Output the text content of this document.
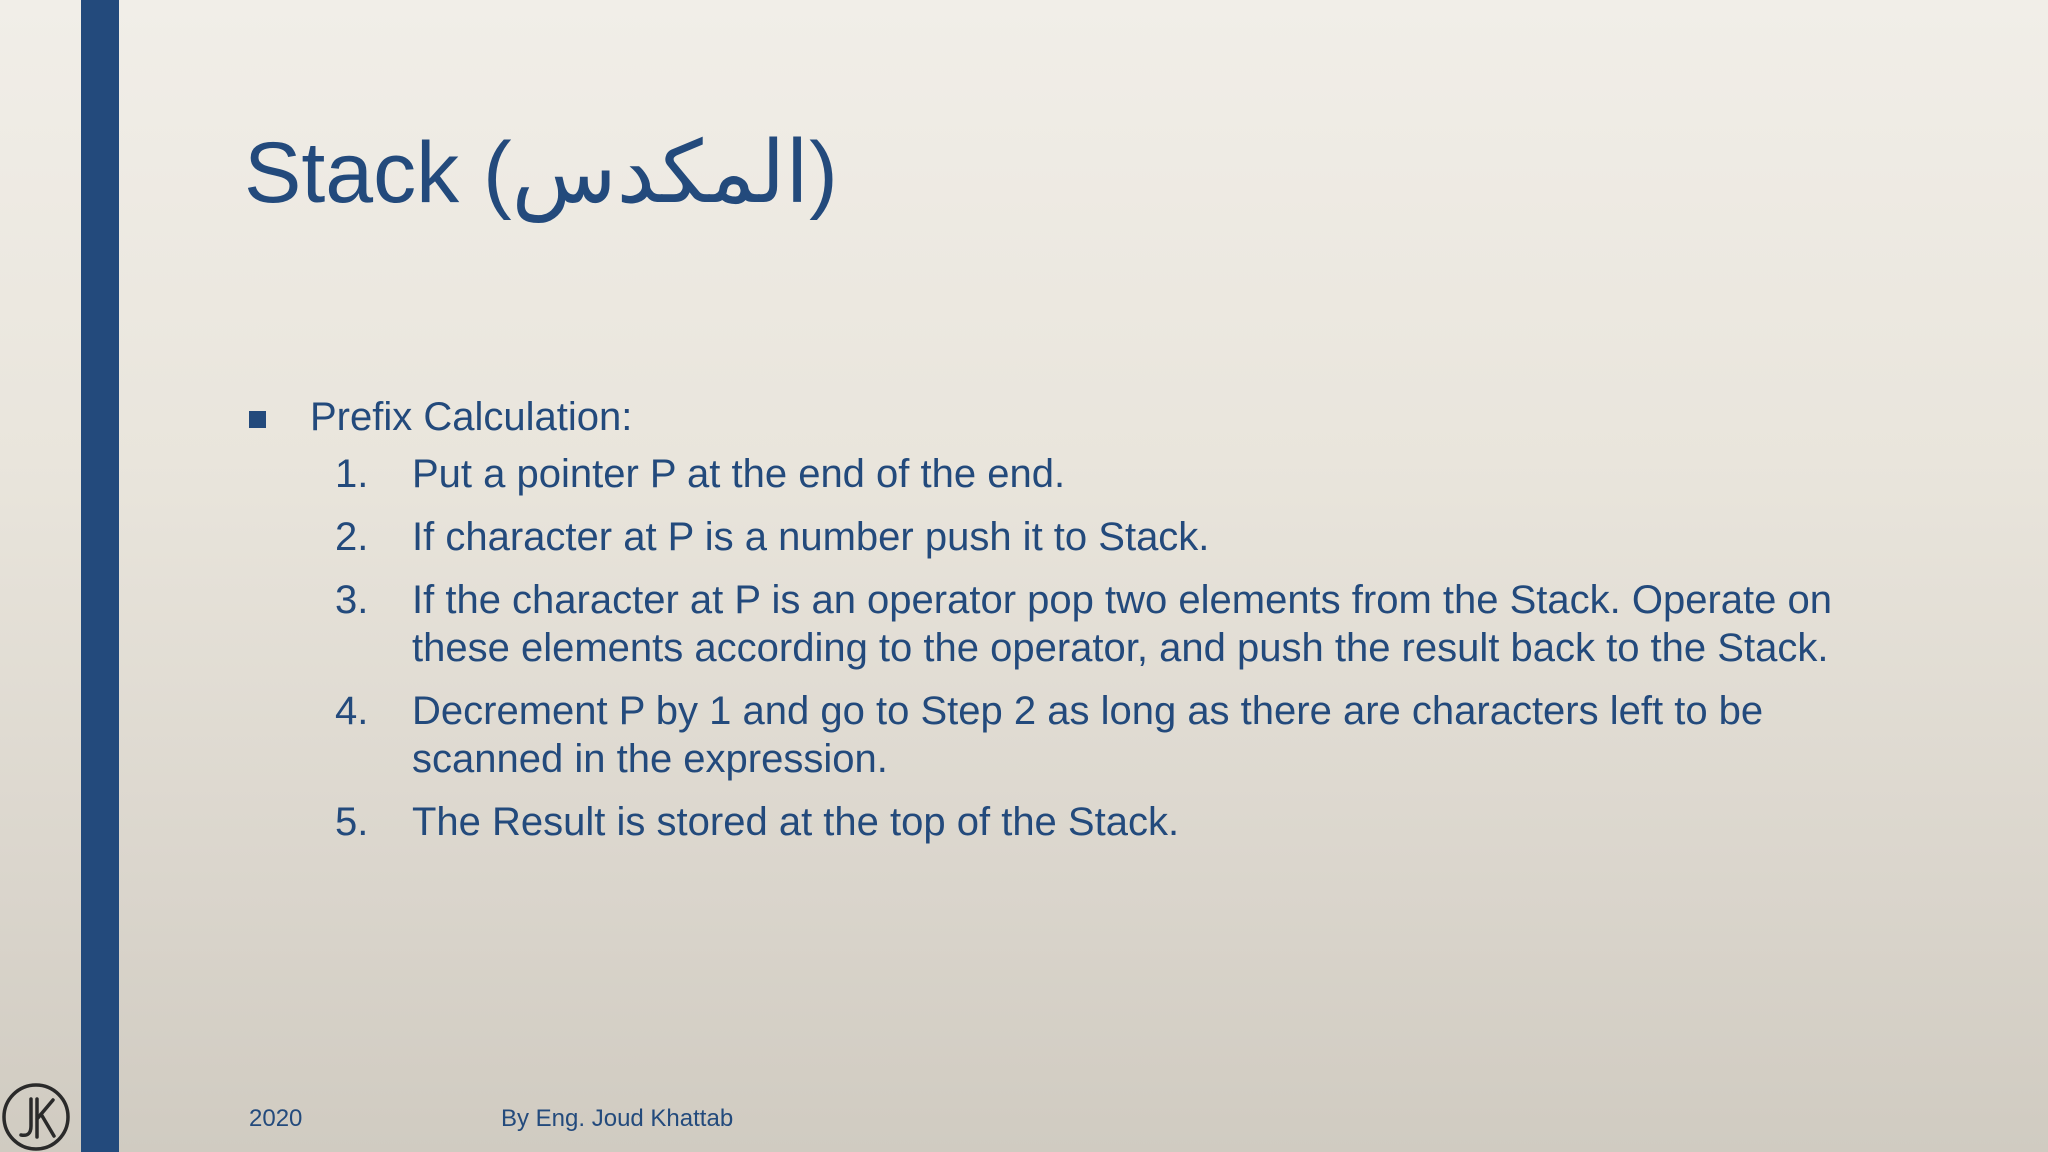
Stack (المكدس)
Prefix Calculation:
1. Put a pointer P at the end of the end.
2. If character at P is a number push it to Stack.
3. If the character at P is an operator pop two elements from the Stack. Operate on these elements according to the operator, and push the result back to the Stack.
4. Decrement P by 1 and go to Step 2 as long as there are characters left to be scanned in the expression.
5. The Result is stored at the top of the Stack.
2020	By Eng. Joud Khattab
